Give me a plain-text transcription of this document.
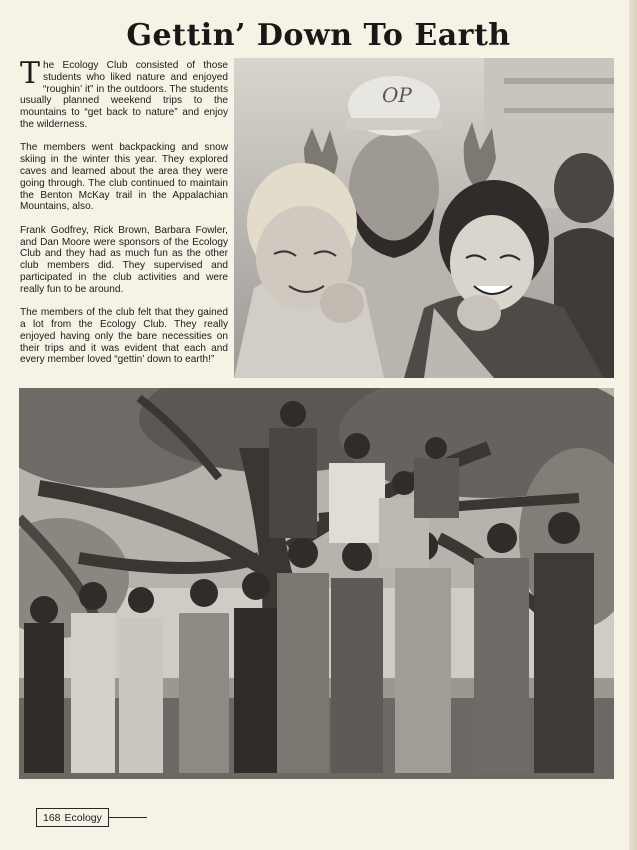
Gettin’ Down To Earth

The Ecology Club consisted of those students who liked nature and enjoyed “roughin’ it” in the outdoors. The students usually planned weekend trips to the mountains to “get back to nature” and enjoy the wilderness.

The members went backpacking and snow skiing in the winter this year. They explored caves and learned about the area they were going through. The club continued to maintain the Benton McKay trail in the Appalachian Mountains, also.

Frank Godfrey, Rick Brown, Barbara Fowler, and Dan Moore were sponsors of the Ecology Club and they had as much fun as the other club members did. They supervised and participated in the club activities and were really fun to be around.

The members of the club felt that they gained a lot from the Ecology Club. They really enjoyed having only the bare necessities on their trips and it was evident that each and every member loved “gettin’ down to earth!”

OP
168 Ecology
